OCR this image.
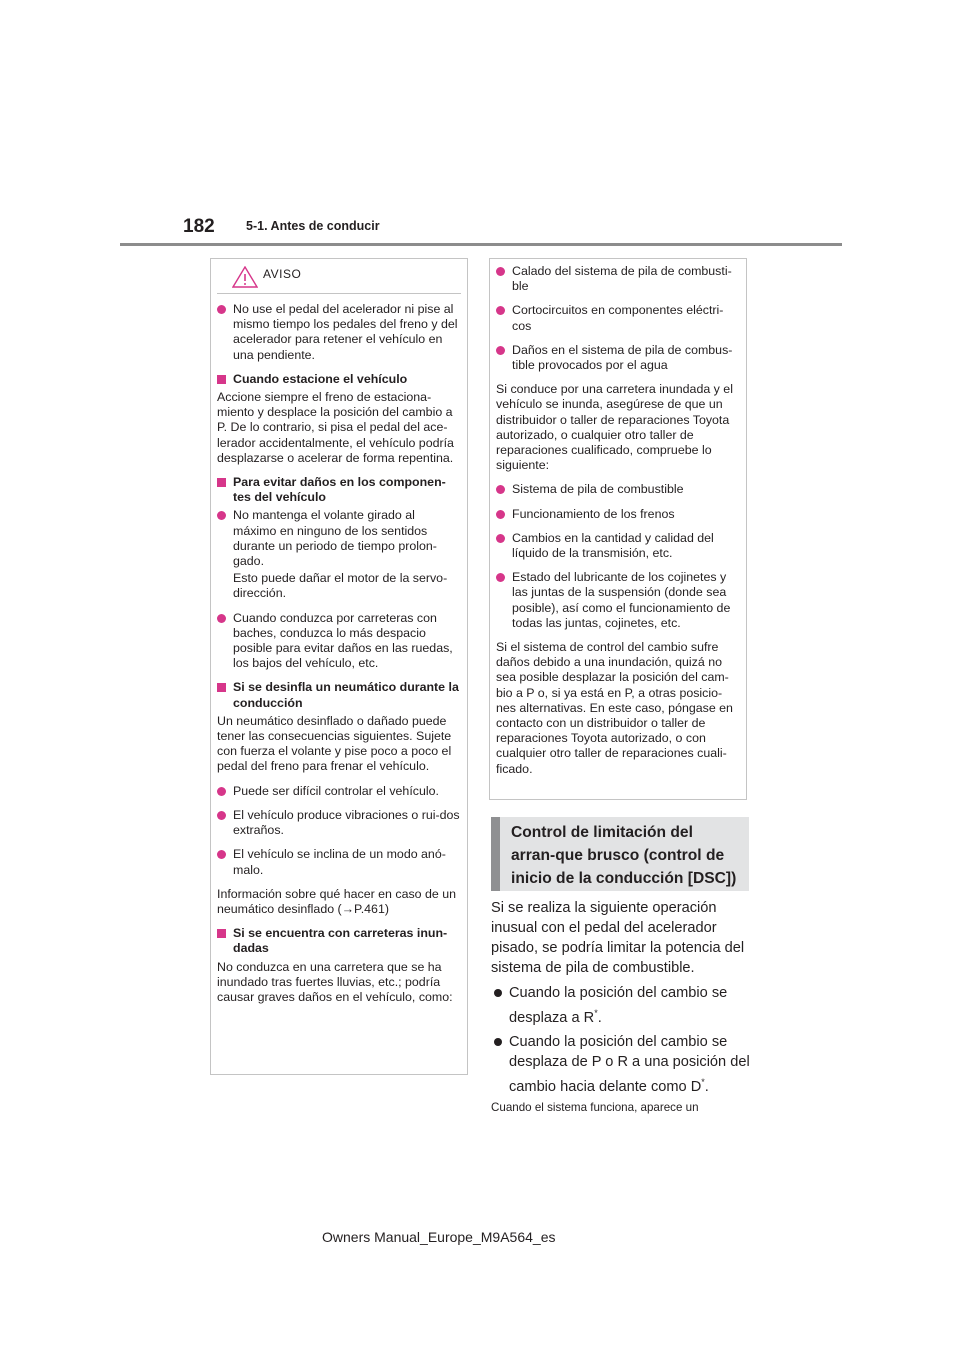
182	5-1. Antes de conducir
AVISO
No use el pedal del acelerador ni pise al mismo tiempo los pedales del freno y del acelerador para retener el vehículo en una pendiente.
Cuando estacione el vehículo
Accione siempre el freno de estaciona-miento y desplace la posición del cambio a P. De lo contrario, si pisa el pedal del ace-lerador accidentalmente, el vehículo podría desplazarse o acelerar de forma repentina.
Para evitar daños en los componen-tes del vehículo
No mantenga el volante girado al máximo en ninguno de los sentidos durante un periodo de tiempo prolon-gado.
Esto puede dañar el motor de la servo-dirección.
Cuando conduzca por carreteras con baches, conduzca lo más despacio posible para evitar daños en las ruedas, los bajos del vehículo, etc.
Si se desinfla un neumático durante la conducción
Un neumático desinflado o dañado puede tener las consecuencias siguientes. Sujete con fuerza el volante y pise poco a poco el pedal del freno para frenar el vehículo.
Puede ser difícil controlar el vehículo.
El vehículo produce vibraciones o rui-dos extraños.
El vehículo se inclina de un modo anó-malo.
Información sobre qué hacer en caso de un neumático desinflado (→P.461)
Si se encuentra con carreteras inun-dadas
No conduzca en una carretera que se ha inundado tras fuertes lluvias, etc.; podría causar graves daños en el vehículo, como:
Calado del sistema de pila de combusti-ble
Cortocircuitos en componentes eléctri-cos
Daños en el sistema de pila de combus-tible provocados por el agua
Si conduce por una carretera inundada y el vehículo se inunda, asegúrese de que un distribuidor o taller de reparaciones Toyota autorizado, o cualquier otro taller de reparaciones cualificado, compruebe lo siguiente:
Sistema de pila de combustible
Funcionamiento de los frenos
Cambios en la cantidad y calidad del líquido de la transmisión, etc.
Estado del lubricante de los cojinetes y las juntas de la suspensión (donde sea posible), así como el funcionamiento de todas las juntas, cojinetes, etc.
Si el sistema de control del cambio sufre daños debido a una inundación, quizá no sea posible desplazar la posición del cam-bio a P o, si ya está en P, a otras posicio-nes alternativas. En este caso, póngase en contacto con un distribuidor o taller de reparaciones Toyota autorizado, o con cualquier otro taller de reparaciones cuali-ficado.
Control de limitación del arran-que brusco (control de inicio de la conducción [DSC])
Si se realiza la siguiente operación inusual con el pedal del acelerador pisado, se podría limitar la potencia del sistema de pila de combustible.
Cuando la posición del cambio se desplaza a R*.
Cuando la posición del cambio se desplaza de P o R a una posición del cambio hacia delante como D*.
Cuando el sistema funciona, aparece un
Owners Manual_Europe_M9A564_es
